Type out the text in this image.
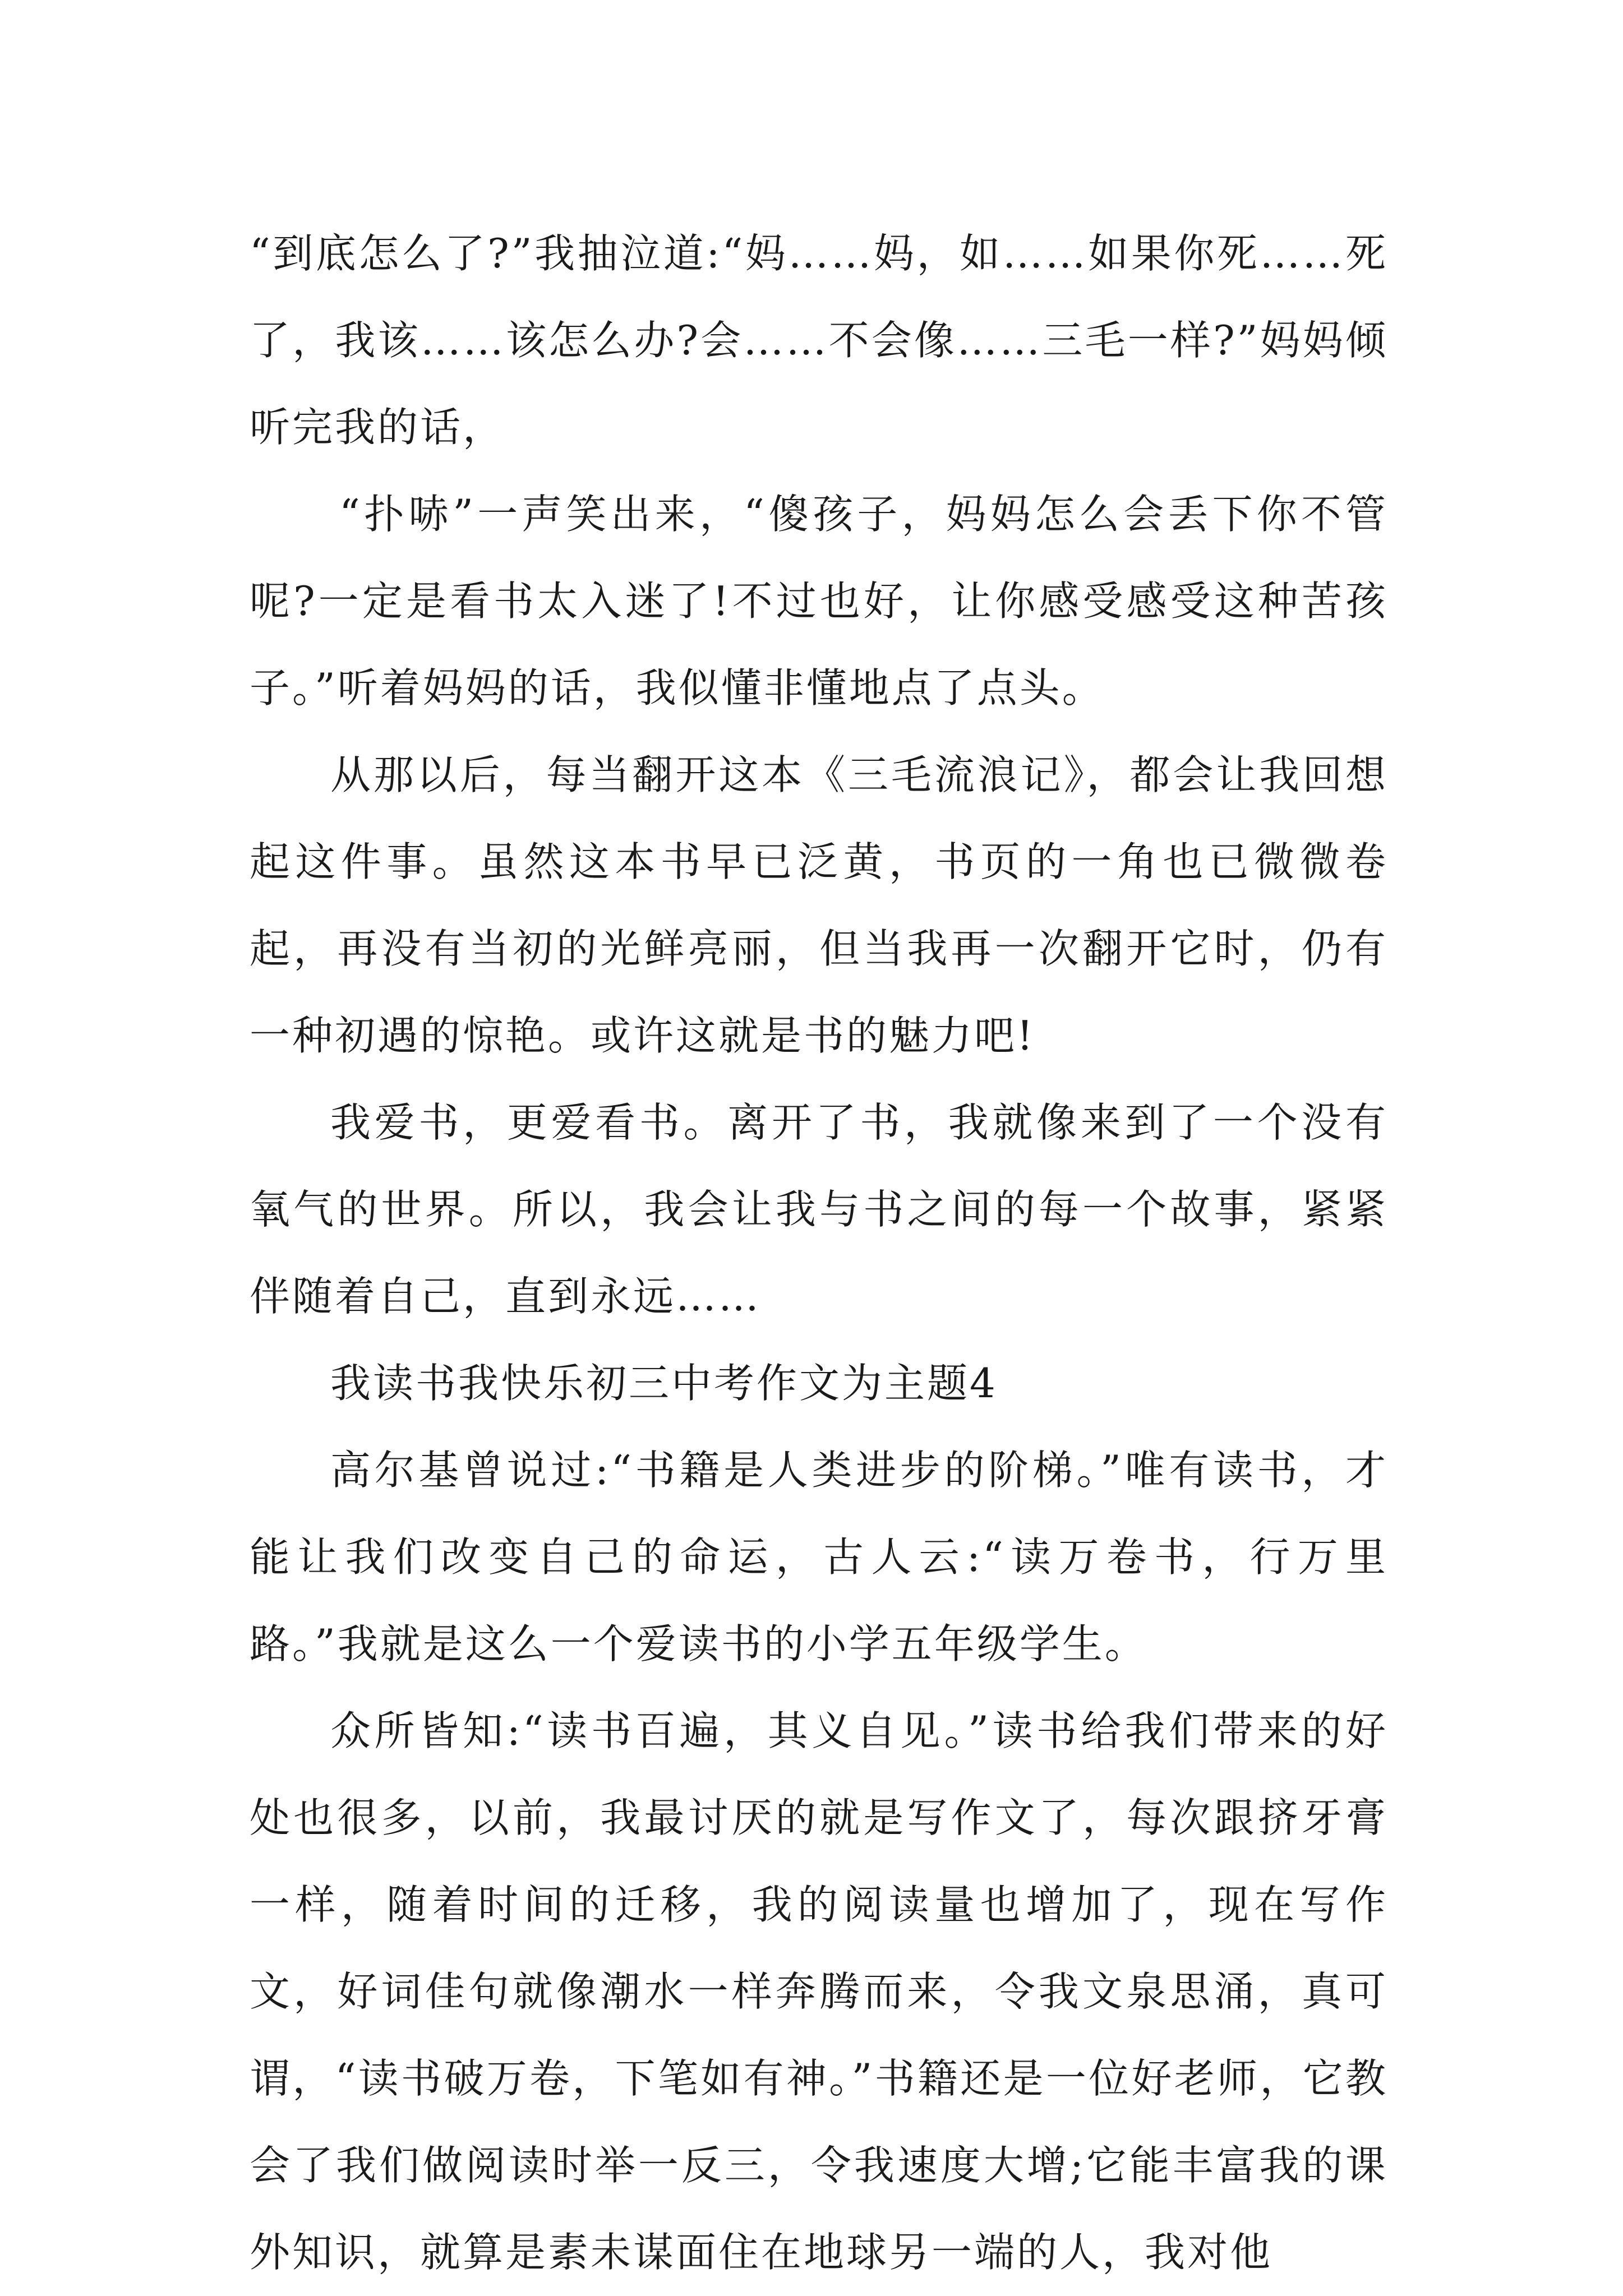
“到底怎么了?”我抽泣道:“妈……妈，如……如果你死……死了，我该……该怎么办?会……不会像……三毛一样?”妈妈倾听完我的话，

“扑哧”一声笑出来，“傻孩子，妈妈怎么会丢下你不管呢?一定是看书太入迷了!不过也好，让你感受感受这种苦孩子。”听着妈妈的话，我似懂非懂地点了点头。

从那以后，每当翻开这本《三毛流浪记》，都会让我回想起这件事。虽然这本书早已泛黄，书页的一角也已微微卷起，再没有当初的光鲜亮丽，但当我再一次翻开它时，仍有一种初遇的惊艳。或许这就是书的魅力吧!

我爱书，更爱看书。离开了书，我就像来到了一个没有氧气的世界。所以，我会让我与书之间的每一个故事，紧紧伴随着自己，直到永远……

我读书我快乐初三中考作文为主题4

高尔基曾说过:“书籍是人类进步的阶梯。”唯有读书，才能让我们改变自己的命运，古人云:“读万卷书，行万里路。”我就是这么一个爱读书的小学五年级学生。

众所皆知:“读书百遍，其义自见。”读书给我们带来的好处也很多，以前，我最讨厌的就是写作文了，每次跟挤牙膏一样，随着时间的迁移，我的阅读量也增加了，现在写作文，好词佳句就像潮水一样奔腾而来，令我文泉思涌，真可谓，“读书破万卷，下笔如有神。”书籍还是一位好老师，它教会了我们做阅读时举一反三，令我速度大增;它能丰富我的课外知识，就算是素未谋面住在地球另一端的人，我对他
